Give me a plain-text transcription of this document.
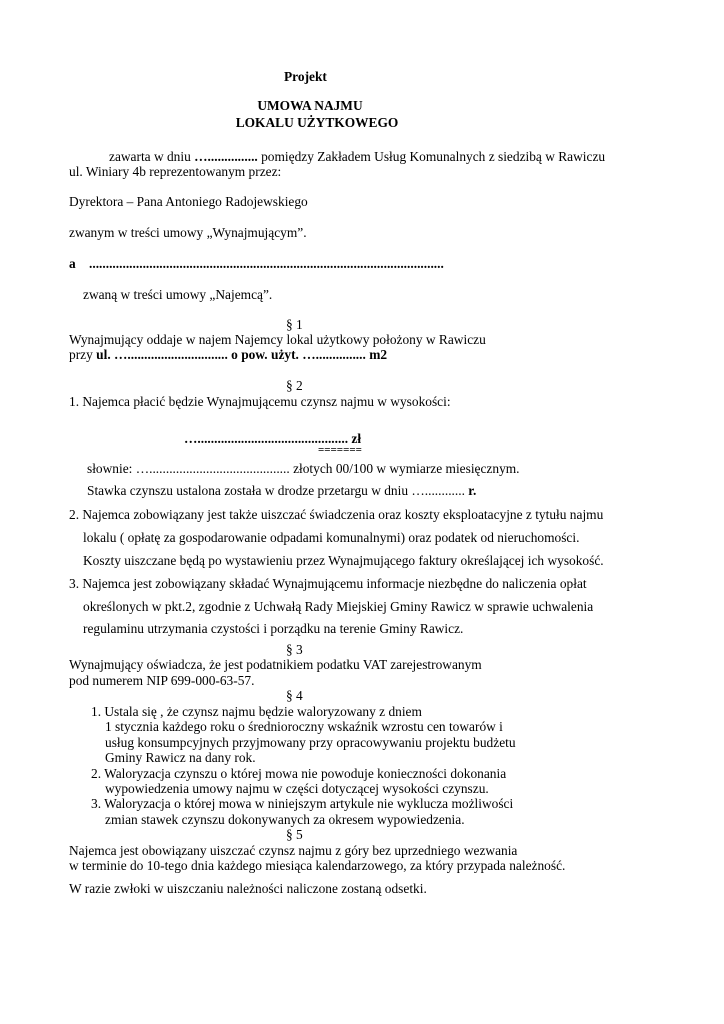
Projekt
UMOWA NAJMU
LOKALU UŻYTKOWEGO
zawarta w dniu …............... pomiędzy Zakładem Usług Komunalnych z siedzibą w Rawiczu
ul. Winiary 4b reprezentowanym przez:
Dyrektora – Pana Antoniego Radojewskiego
zwanym w treści umowy „Wynajmującym”.
a ..........................................................................................................
zwaną w treści umowy „Najemcą”.
§ 1
Wynajmujący oddaje w najem Najemcy lokal użytkowy położony w Rawiczu
przy ul. ….............................. o pow. użyt. …............... m2
§ 2
1. Najemca płacić będzie Wynajmującemu czynsz najmu w wysokości:
…............................................. zł
=======
słownie: ….......................................... złotych 00/100 w wymiarze miesięcznym.
Stawka czynszu ustalona została w drodze przetargu w dniu …............ r.
2. Najemca zobowiązany jest także uiszczać świadczenia oraz koszty eksploatacyjne z tytułu najmu
lokalu ( opłatę za gospodarowanie odpadami komunalnymi) oraz podatek od nieruchomości.
Koszty uiszczane będą po wystawieniu przez Wynajmującego faktury określającej ich wysokość.
3. Najemca jest zobowiązany składać Wynajmującemu informacje niezbędne do naliczenia opłat
określonych w pkt.2, zgodnie z Uchwałą Rady Miejskiej Gminy Rawicz w sprawie uchwalenia
regulaminu utrzymania czystości i porządku na terenie Gminy Rawicz.
§ 3
Wynajmujący oświadcza, że jest podatnikiem podatku VAT zarejestrowanym
pod numerem NIP 699-000-63-57.
§ 4
1. Ustala się , że czynsz najmu będzie waloryzowany z dniem
1 stycznia każdego roku o średnioroczny wskaźnik wzrostu cen towarów i
usług konsumpcyjnych przyjmowany przy opracowywaniu projektu budżetu
Gminy Rawicz na dany rok.
2. Waloryzacja czynszu o której mowa nie powoduje konieczności dokonania
wypowiedzenia umowy najmu w części dotyczącej wysokości czynszu.
3. Waloryzacja o której mowa w niniejszym artykule nie wyklucza możliwości
zmian stawek czynszu dokonywanych za okresem wypowiedzenia.
§ 5
Najemca jest obowiązany uiszczać czynsz najmu z góry bez uprzedniego wezwania
w terminie do 10-tego dnia każdego miesiąca kalendarzowego, za który przypada należność.
W razie zwłoki w uiszczaniu należności naliczone zostaną odsetki.
